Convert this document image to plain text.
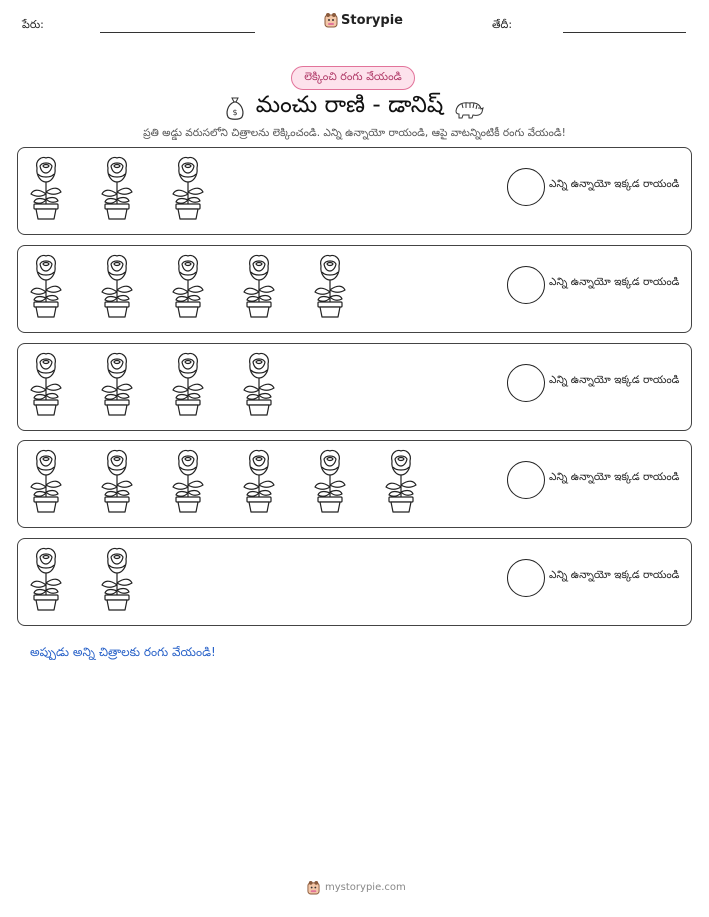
పేరు:	Storypie	తేదీ:
లెక్కించి రంగు వేయండి
$ మంచు రాణి - డానిష్
ప్రతి అడ్డు వరుసలోని చిత్రాలను లెక్కించండి. ఎన్ని ఉన్నాయో రాయండి, ఆపై వాటన్నింటికీ రంగు వేయండి!
ఎన్ని ఉన్నాయో ఇక్కడ రాయండి
ఎన్ని ఉన్నాయో ఇక్కడ రాయండి
ఎన్ని ఉన్నాయో ఇక్కడ రాయండి
ఎన్ని ఉన్నాయో ఇక్కడ రాయండి
ఎన్ని ఉన్నాయో ఇక్కడ రాయండి
అప్పుడు అన్ని చిత్రాలకు రంగు వేయండి!
mystorypie.com
